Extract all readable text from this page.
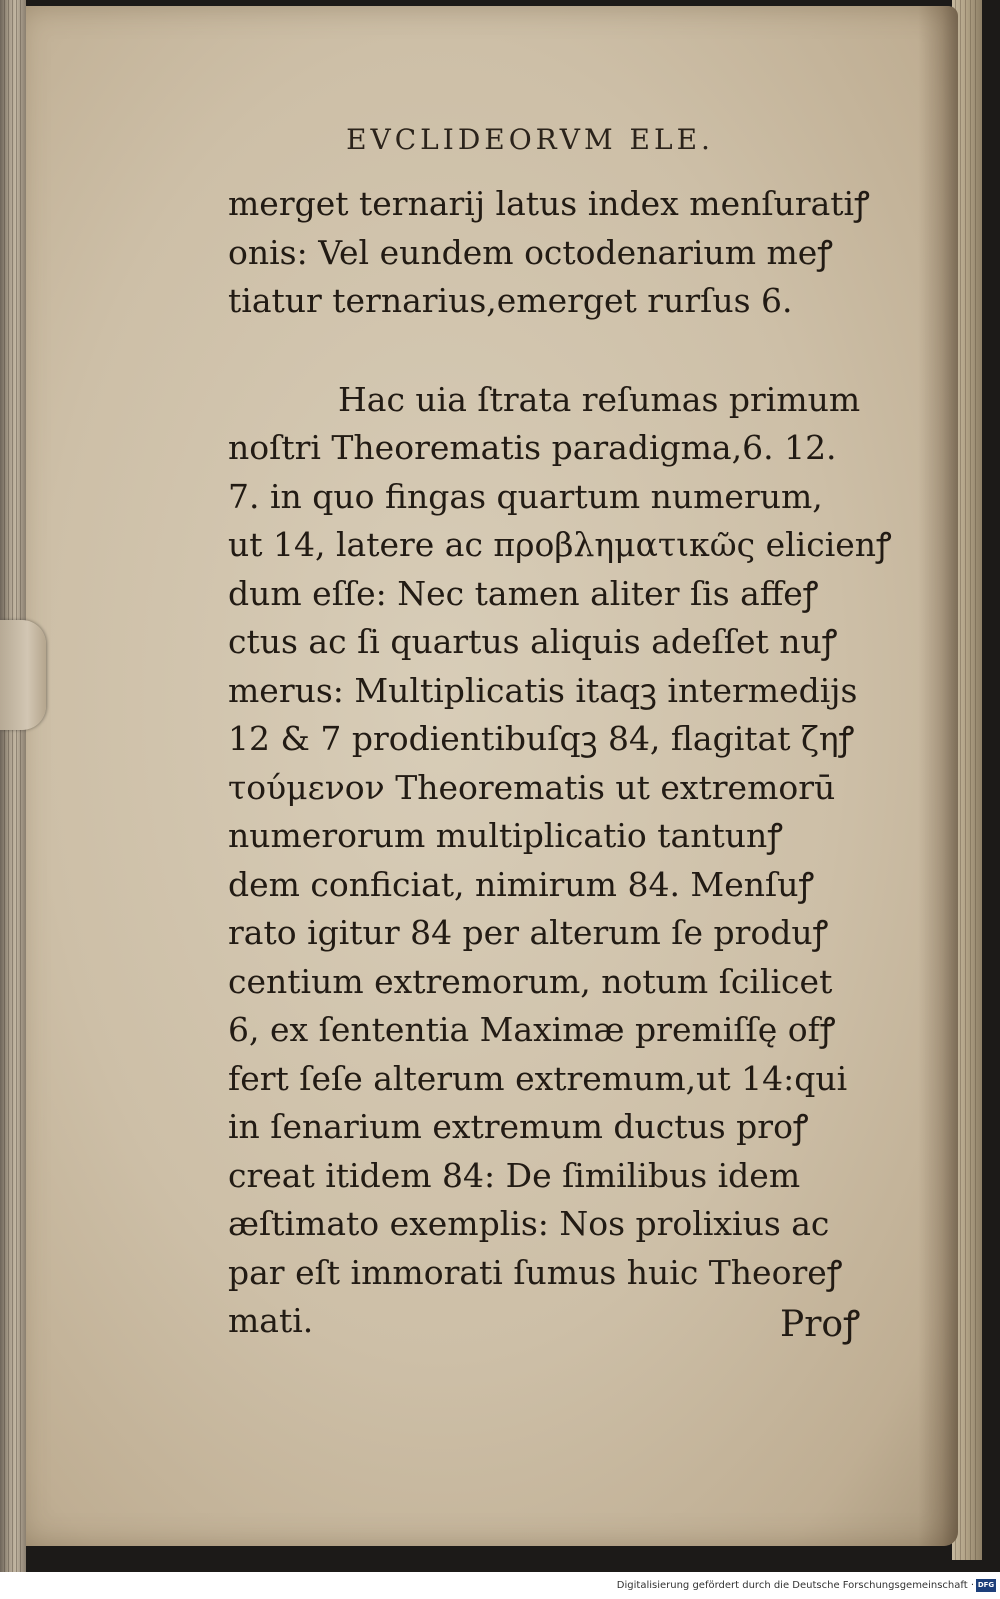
EVCLIDEORVM ELE.
merget ternarij latus index menſuratiꝭ
onis: Vel eundem octodenarium meꝭ
tiatur ternarius,emerget rurſus 6.
Hac uia ſtrata reſumas primum
noſtri Theorematis paradigma,6. 12.
7. in quo fingas quartum numerum,
ut 14, latere ac προβληματικῶς elicienꝭ
dum eſſe: Nec tamen aliter ſis affeꝭ
ctus ac ſi quartus aliquis adeſſet nuꝭ
merus: Multiplicatis itaqꝫ intermedijs
12 & 7 prodientibuſqꝫ 84, flagitat ζηꝭ
τούμενον Theorematis ut extremorū
numerorum multiplicatio tantunꝭ
dem conficiat, nimirum 84. Menſuꝭ
rato igitur 84 per alterum ſe produꝭ
centium extremorum, notum ſcilicet
6, ex ſententia Maximæ premiſſę ofꝭ
fert ſeſe alterum extremum,ut 14:qui
in ſenarium extremum ductus proꝭ
creat itidem 84: De ſimilibus idem
æſtimato exemplis: Nos prolixius ac
par eſt immorati ſumus huic Theoreꝭ
mati.	Proꝭ
Digitalisierung gefördert durch die Deutsche Forschungsgemeinschaft · DFG
